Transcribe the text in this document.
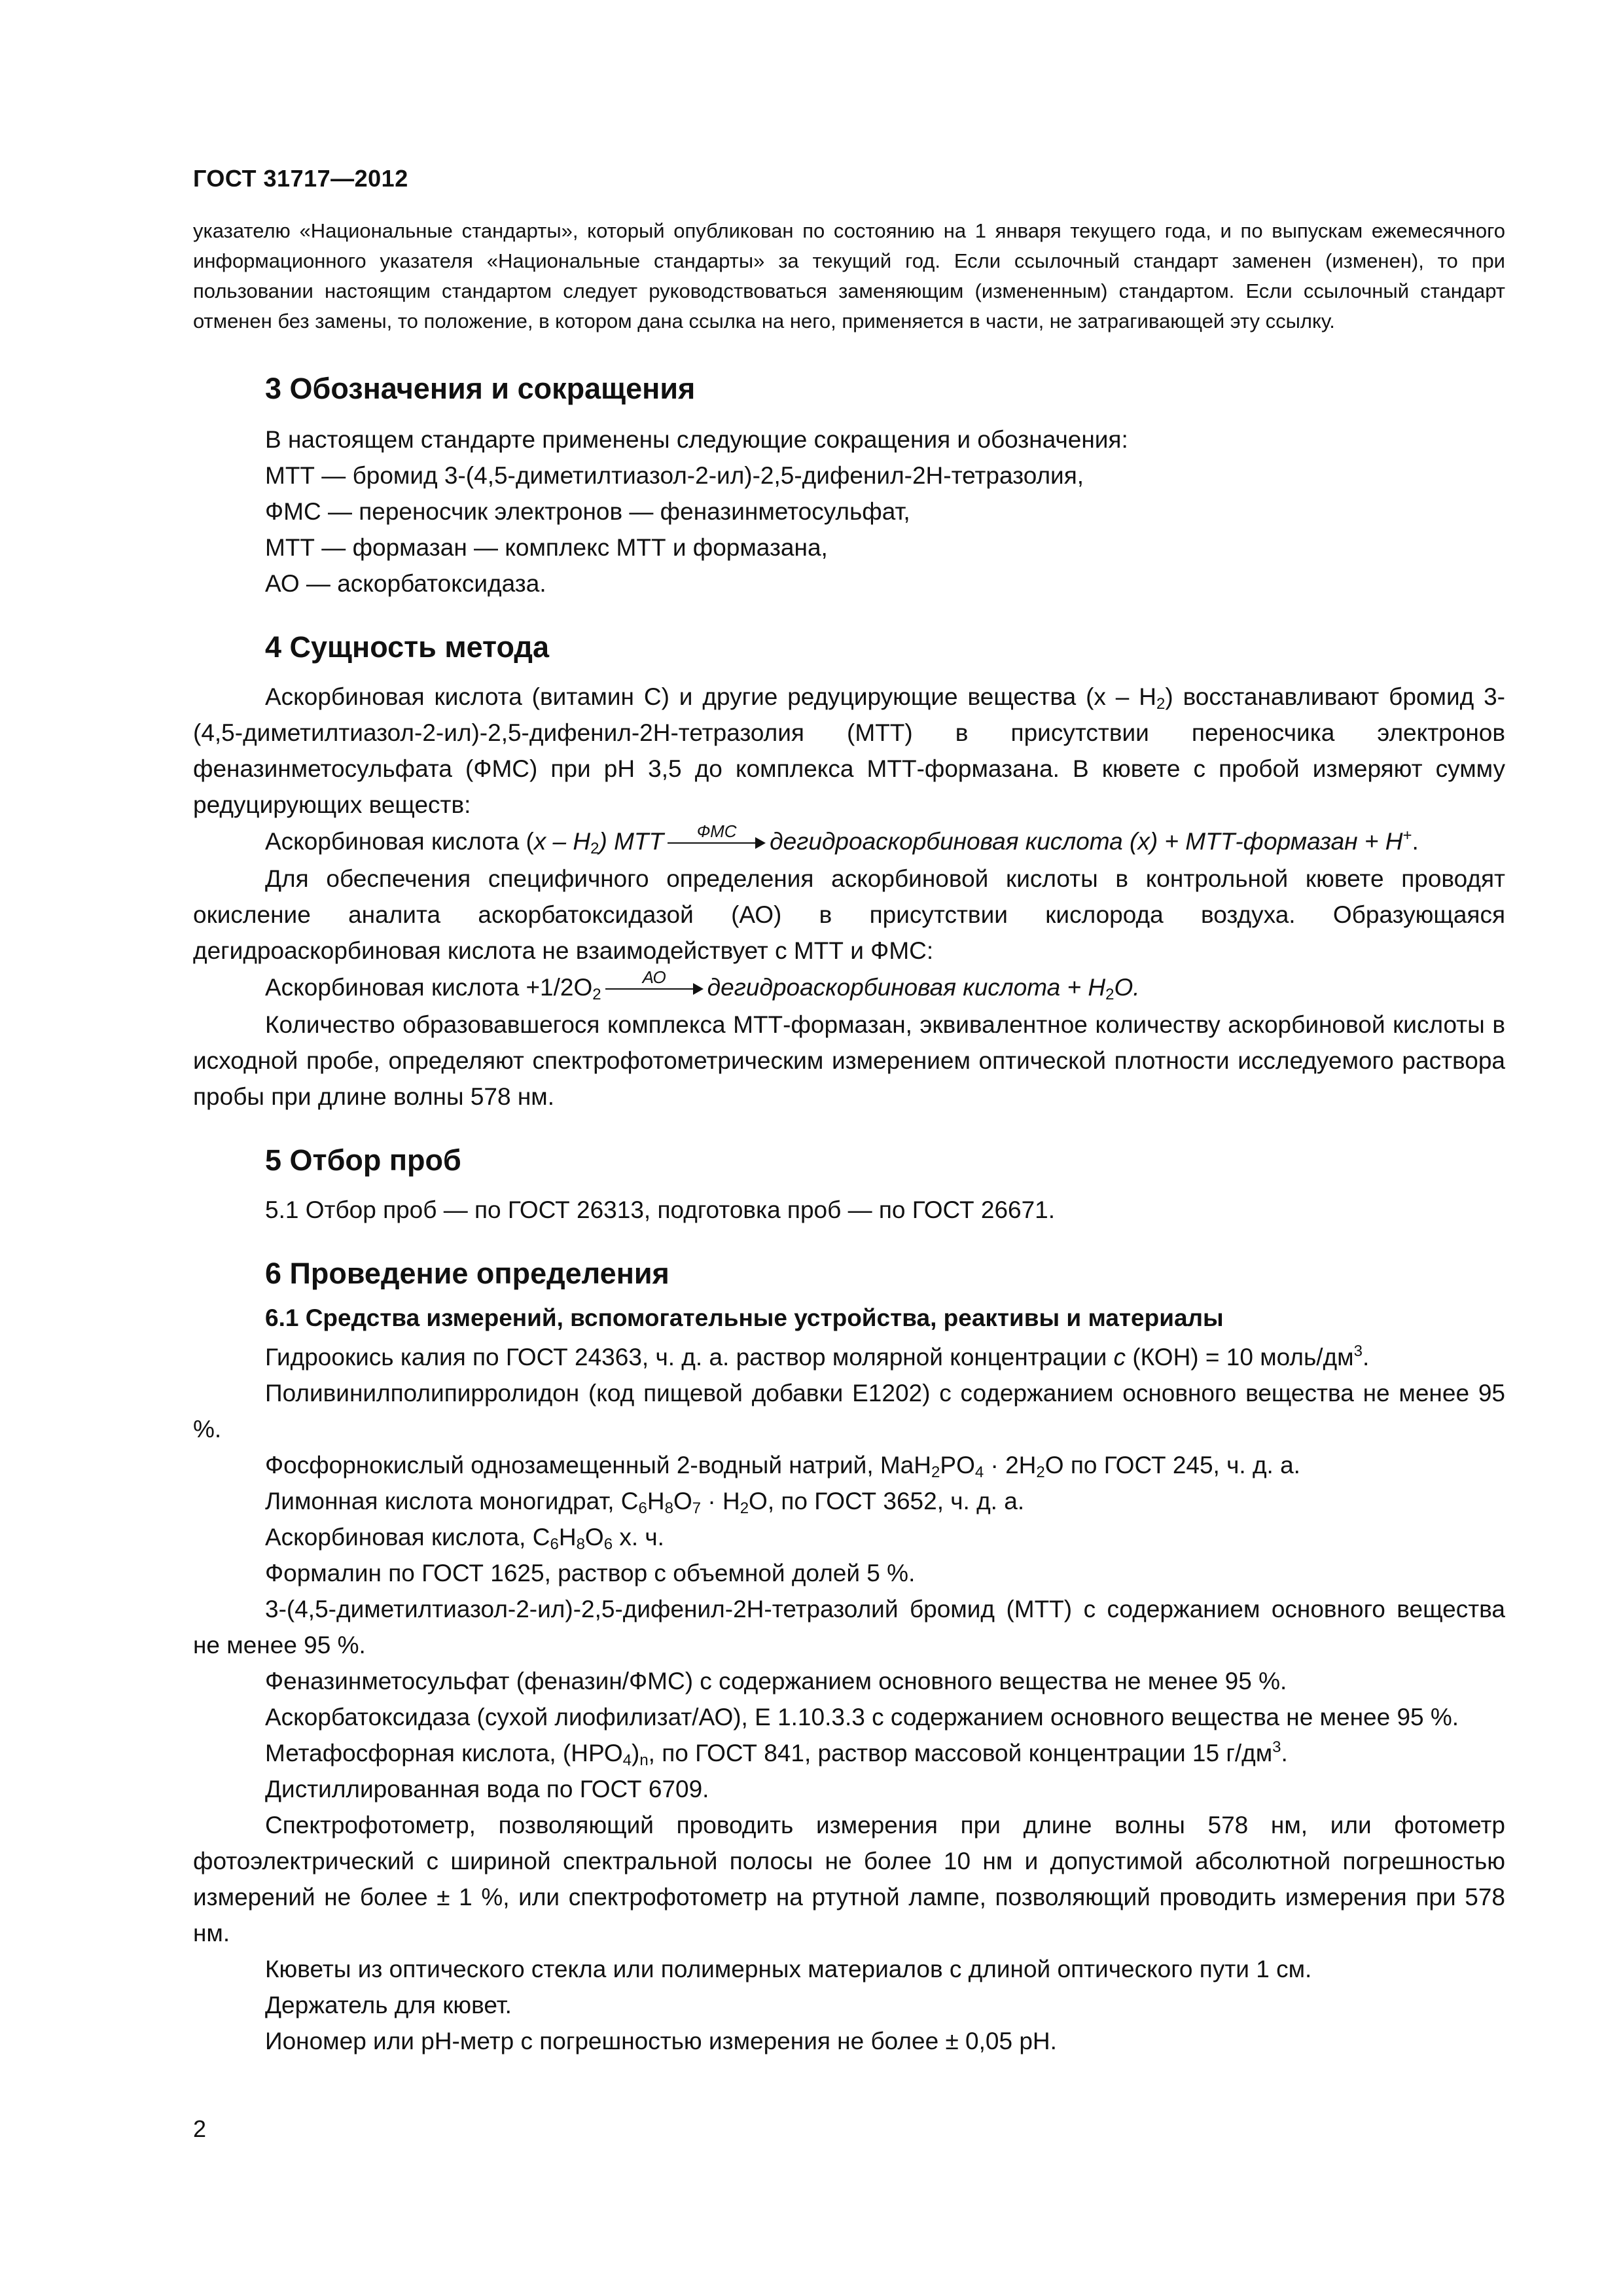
ГОСТ 31717—2012

указателю «Национальные стандарты», который опубликован по состоянию на 1 января текущего года, и по выпускам ежемесячного информационного указателя «Национальные стандарты» за текущий год. Если ссылочный стандарт заменен (изменен), то при пользовании настоящим стандартом следует руководствоваться заменяющим (измененным) стандартом. Если ссылочный стандарт отменен без замены, то положение, в котором дана ссылка на него, применяется в части, не затрагивающей эту ссылку.

3 Обозначения и сокращения

В настоящем стандарте применены следующие сокращения и обозначения:

МТТ — бромид 3-(4,5-диметилтиазол-2-ил)-2,5-дифенил-2Н-тетразолия,

ФМС — переносчик электронов — феназинметосульфат,

МТТ — формазан — комплекс МТТ и формазана,

АО — аскорбатоксидаза.

4 Сущность метода

Аскорбиновая кислота (витамин С) и другие редуцирующие вещества $(х - Н_2)$ восстанавливают бромид 3-(4,5-диметилтиазол-2-ил)-2,5-дифенил-2Н-тетразолия (МТТ) в присутствии переносчика электронов феназинметосульфата (ФМС) при рН 3,5 до комплекса МТТ-формазана. В кювете с пробой измеряют сумму редуцирующих веществ:

Аскорбиновая кислота $(x - H_2)$ МТТ	ФМС	дегидроаскорбиновая кислота (x) + МТТ-формазан + Н+.

Для обеспечения специфичного определения аскорбиновой кислоты в контрольной кювете проводят окисление аналита аскорбатоксидазой (АО) в присутствии кислорода воздуха. Образующаяся дегидроаскорбиновая кислота не взаимодействует с МТТ и ФМС:

Аскорбиновая кислота $+1/2O_2$
АО	дегидроаскорбиновая кислота + $H_2O$.

Количество образовавшегося комплекса МТТ-формазан, эквивалентное количеству аскорбиновой кислоты в исходной пробе, определяют спектрофотометрическим измерением оптической плотности исследуемого раствора пробы при длине волны 578 нм.

5 Отбор проб

5.1 Отбор проб — по ГОСТ 26313, подготовка проб — по ГОСТ 26671.

6 Проведение определения
6.1 Средства измерений, вспомогательные устройства, реактивы и материалы

Гидроокись калия по ГОСТ 24363, ч. д. а. раствор молярной концентрации с (КОН) = 10 моль/$дм^3$.

Поливинилполипирролидон (код пищевой добавки Е1202) с содержанием основного вещества не менее 95 %.

Фосфорнокислый однозамещенный 2-водный натрий, $MaH_2PO_4 \cdot 2H_2O$ по ГОСТ 245, ч. д. а.

Лимонная кислота моногидрат, $C_6H_8O_7 \cdot H_2O$, по ГОСТ 3652, ч. д. а.

Аскорбиновая кислота, $C_6H_8O_6$ х. ч.

Формалин по ГОСТ 1625, раствор с объемной долей 5 %.

3-(4,5-диметилтиазол-2-ил)-2,5-дифенил-2Н-тетразолий бромид (МТТ) с содержанием основного вещества не менее 95 %.

Феназинметосульфат (феназин/ФМС) с содержанием основного вещества не менее 95 %.

Аскорбатоксидаза (сухой лиофилизат/АО), Е 1.10.3.3 с содержанием основного вещества не менее 95 %.

Метафосфорная кислота, $(НРО_4)_n$, по ГОСТ 841, раствор массовой концентрации 15 $г/дм^3$.

Дистиллированная вода по ГОСТ 6709.

Спектрофотометр, позволяющий проводить измерения при длине волны 578 нм, или фотометр фотоэлектрический с шириной спектральной полосы не более 10 нм и допустимой абсолютной погрешностью измерений не более ± 1 %, или спектрофотометр на ртутной лампе, позволяющий проводить измерения при 578 нм.

Кюветы из оптического стекла или полимерных материалов с длиной оптического пути 1 см.

Держатель для кювет.

Иономер или рН-метр с погрешностью измерения не более ± 0,05 рН.

2
